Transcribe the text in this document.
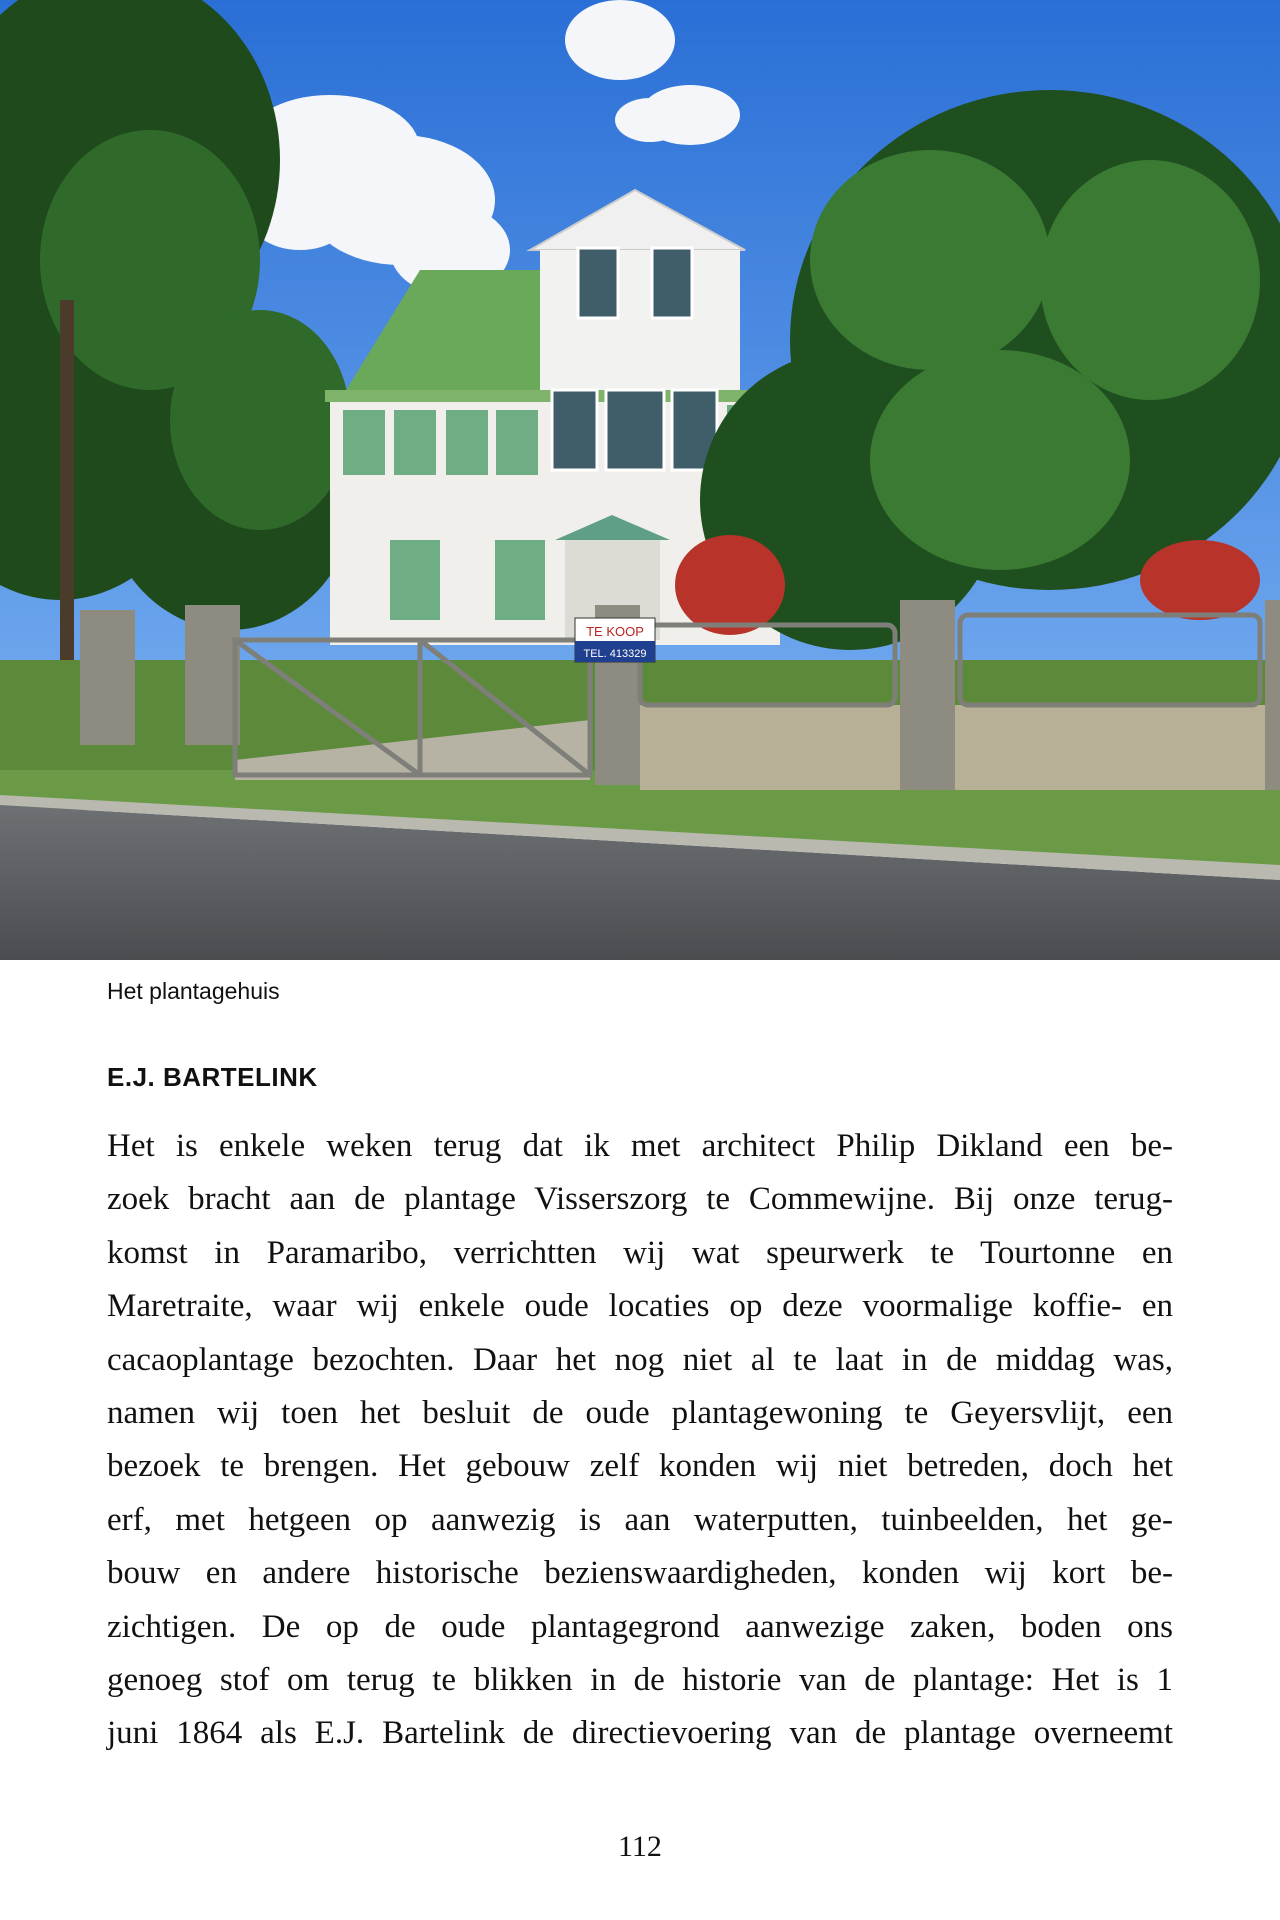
TE KOOP
TEL. 413329

Het plantagehuis

E.J. BARTELINK
Het is enkele weken terug dat ik met architect Philip Dikland een be-
zoek bracht aan de plantage Visserszorg te Commewijne. Bij onze terug-
komst in Paramaribo, verrichtten wij wat speurwerk te Tourtonne en
Maretraite, waar wij enkele oude locaties op deze voormalige koffie- en
cacaoplantage bezochten. Daar het nog niet al te laat in de middag was,
namen wij toen het besluit de oude plantagewoning te Geyersvlijt, een
bezoek te brengen. Het gebouw zelf konden wij niet betreden, doch het
erf, met hetgeen op aanwezig is aan waterputten, tuinbeelden, het ge-
bouw en andere historische bezienswaardigheden, konden wij kort be-
zichtigen. De op de oude plantagegrond aanwezige zaken, boden ons
genoeg stof om terug te blikken in de historie van de plantage: Het is 1
juni 1864 als E.J. Bartelink de directievoering van de plantage overneemt

112
